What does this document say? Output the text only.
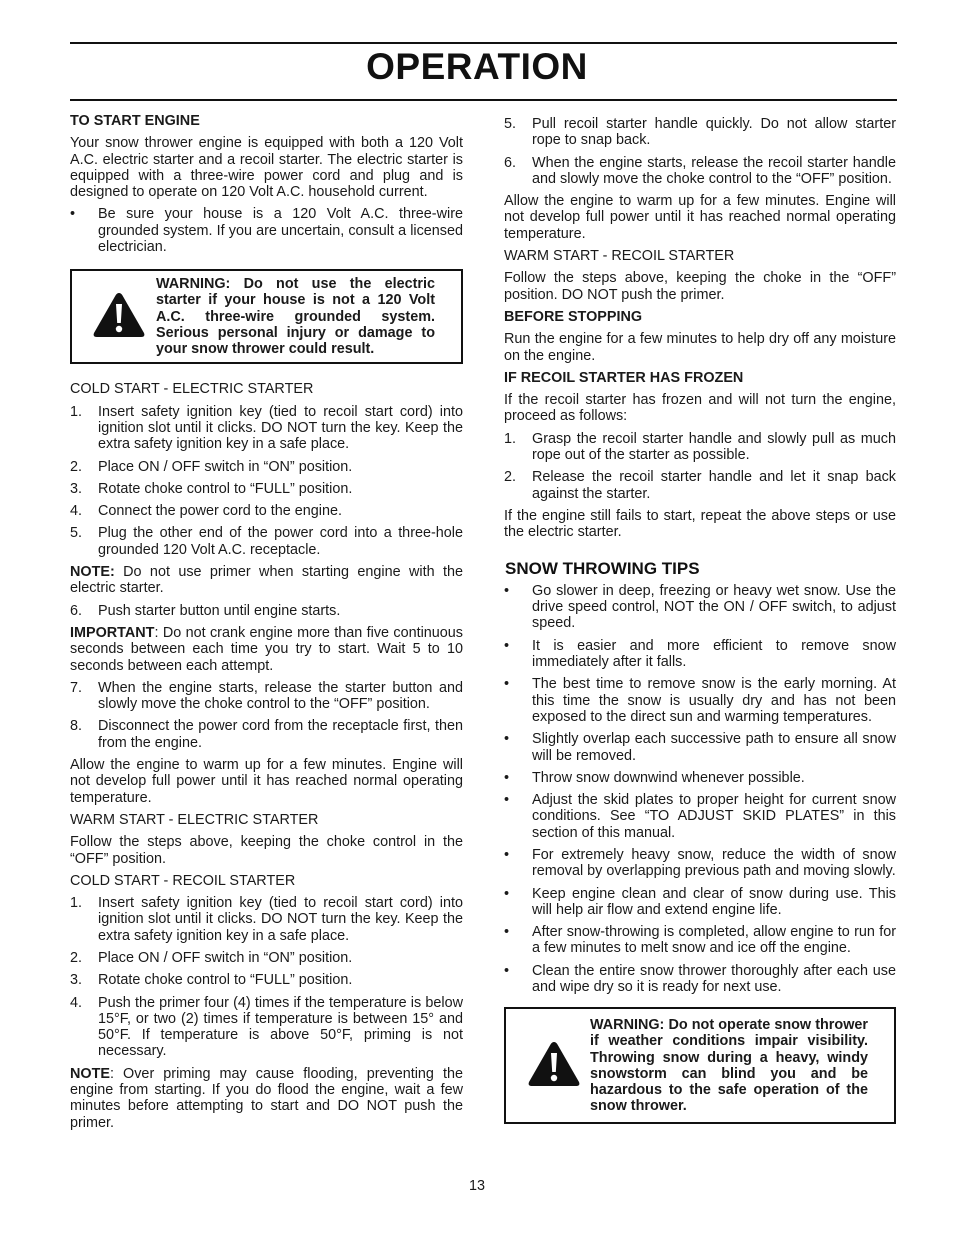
OPERATION
TO START ENGINE
Your snow thrower engine is equipped with both a 120 Volt A.C. electric starter and a recoil starter. The electric starter is equipped with a three-wire power cord and plug and is designed to operate on 120 Volt A.C. household current.
•	Be sure your house is a 120 Volt A.C. three-wire grounded system. If you are uncertain, consult a licensed electrician.
WARNING: Do not use the electric starter if your house is not a 120 Volt A.C. three-wire grounded system. Serious personal injury or damage to your snow thrower could result.
COLD START - ELECTRIC STARTER
1.	Insert safety ignition key (tied to recoil start cord) into ignition slot until it clicks. DO NOT turn the key. Keep the extra safety ignition key in a safe place.
2.	Place ON / OFF switch in “ON” position.
3.	Rotate choke control to “FULL” position.
4.	Connect the power cord to the engine.
5.	Plug the other end of the power cord into a three-hole grounded 120 Volt A.C. receptacle.
NOTE: Do not use primer when starting engine with the electric starter.
6.	Push starter button until engine starts.
IMPORTANT: Do not crank engine more than five continuous seconds between each time you try to start. Wait 5 to 10 seconds between each attempt.
7.	When the engine starts, release the starter button and slowly move the choke control to the “OFF” position.
8.	Disconnect the power cord from the receptacle first, then from the engine.
Allow the engine to warm up for a few minutes. Engine will not develop full power until it has reached normal operating temperature.
WARM START - ELECTRIC STARTER
Follow the steps above, keeping the choke control in the “OFF” position.
COLD START - RECOIL STARTER
1.	Insert safety ignition key (tied to recoil start cord) into ignition slot until it clicks. DO NOT turn the key. Keep the extra safety ignition key in a safe place.
2.	Place ON / OFF switch in “ON” position.
3.	Rotate choke control to “FULL” position.
4.	Push the primer four (4) times if the temperature is below 15°F, or two (2) times if temperature is between 15° and 50°F. If temperature is above 50°F, priming is not necessary.
NOTE: Over priming may cause flooding, preventing the engine from starting. If you do flood the engine, wait a few minutes before attempting to start and DO NOT push the primer.
5.	Pull recoil starter handle quickly. Do not allow starter rope to snap back.
6.	When the engine starts, release the recoil starter handle and slowly move the choke control to the “OFF” position.
Allow the engine to warm up for a few minutes. Engine will not develop full power until it has reached normal operating temperature.
WARM START - RECOIL STARTER
Follow the steps above, keeping the choke in the “OFF” position. DO NOT push the primer.
BEFORE STOPPING
Run the engine for a few minutes to help dry off any moisture on the engine.
IF RECOIL STARTER HAS FROZEN
If the recoil starter has frozen and will not turn the engine, proceed as follows:
1.	Grasp the recoil starter handle and slowly pull as much rope out of the starter as possible.
2.	Release the recoil starter handle and let it snap back against the starter.
If the engine still fails to start, repeat the above steps or use the electric starter.
SNOW THROWING TIPS
•	Go slower in deep, freezing or heavy wet snow. Use the drive speed control, NOT the ON / OFF switch, to adjust speed.
•	It is easier and more efficient to remove snow immediately after it falls.
•	The best time to remove snow is the early morning. At this time the snow is usually dry and has not been exposed to the direct sun and warming temperatures.
•	Slightly overlap each successive path to ensure all snow will be removed.
•	Throw snow downwind whenever possible.
•	Adjust the skid plates to proper height for current snow conditions. See “TO ADJUST SKID PLATES” in this section of this manual.
•	For extremely heavy snow, reduce the width of snow removal by overlapping previous path and moving slowly.
•	Keep engine clean and clear of snow during use. This will help air flow and extend engine life.
•	After snow-throwing is completed, allow engine to run for a few minutes to melt snow and ice off the engine.
•	Clean the entire snow thrower thoroughly after each use and wipe dry so it is ready for next use.
WARNING: Do not operate snow thrower if weather conditions impair visibility. Throwing snow during a heavy, windy snowstorm can blind you and be hazardous to the safe operation of the snow thrower.
13
